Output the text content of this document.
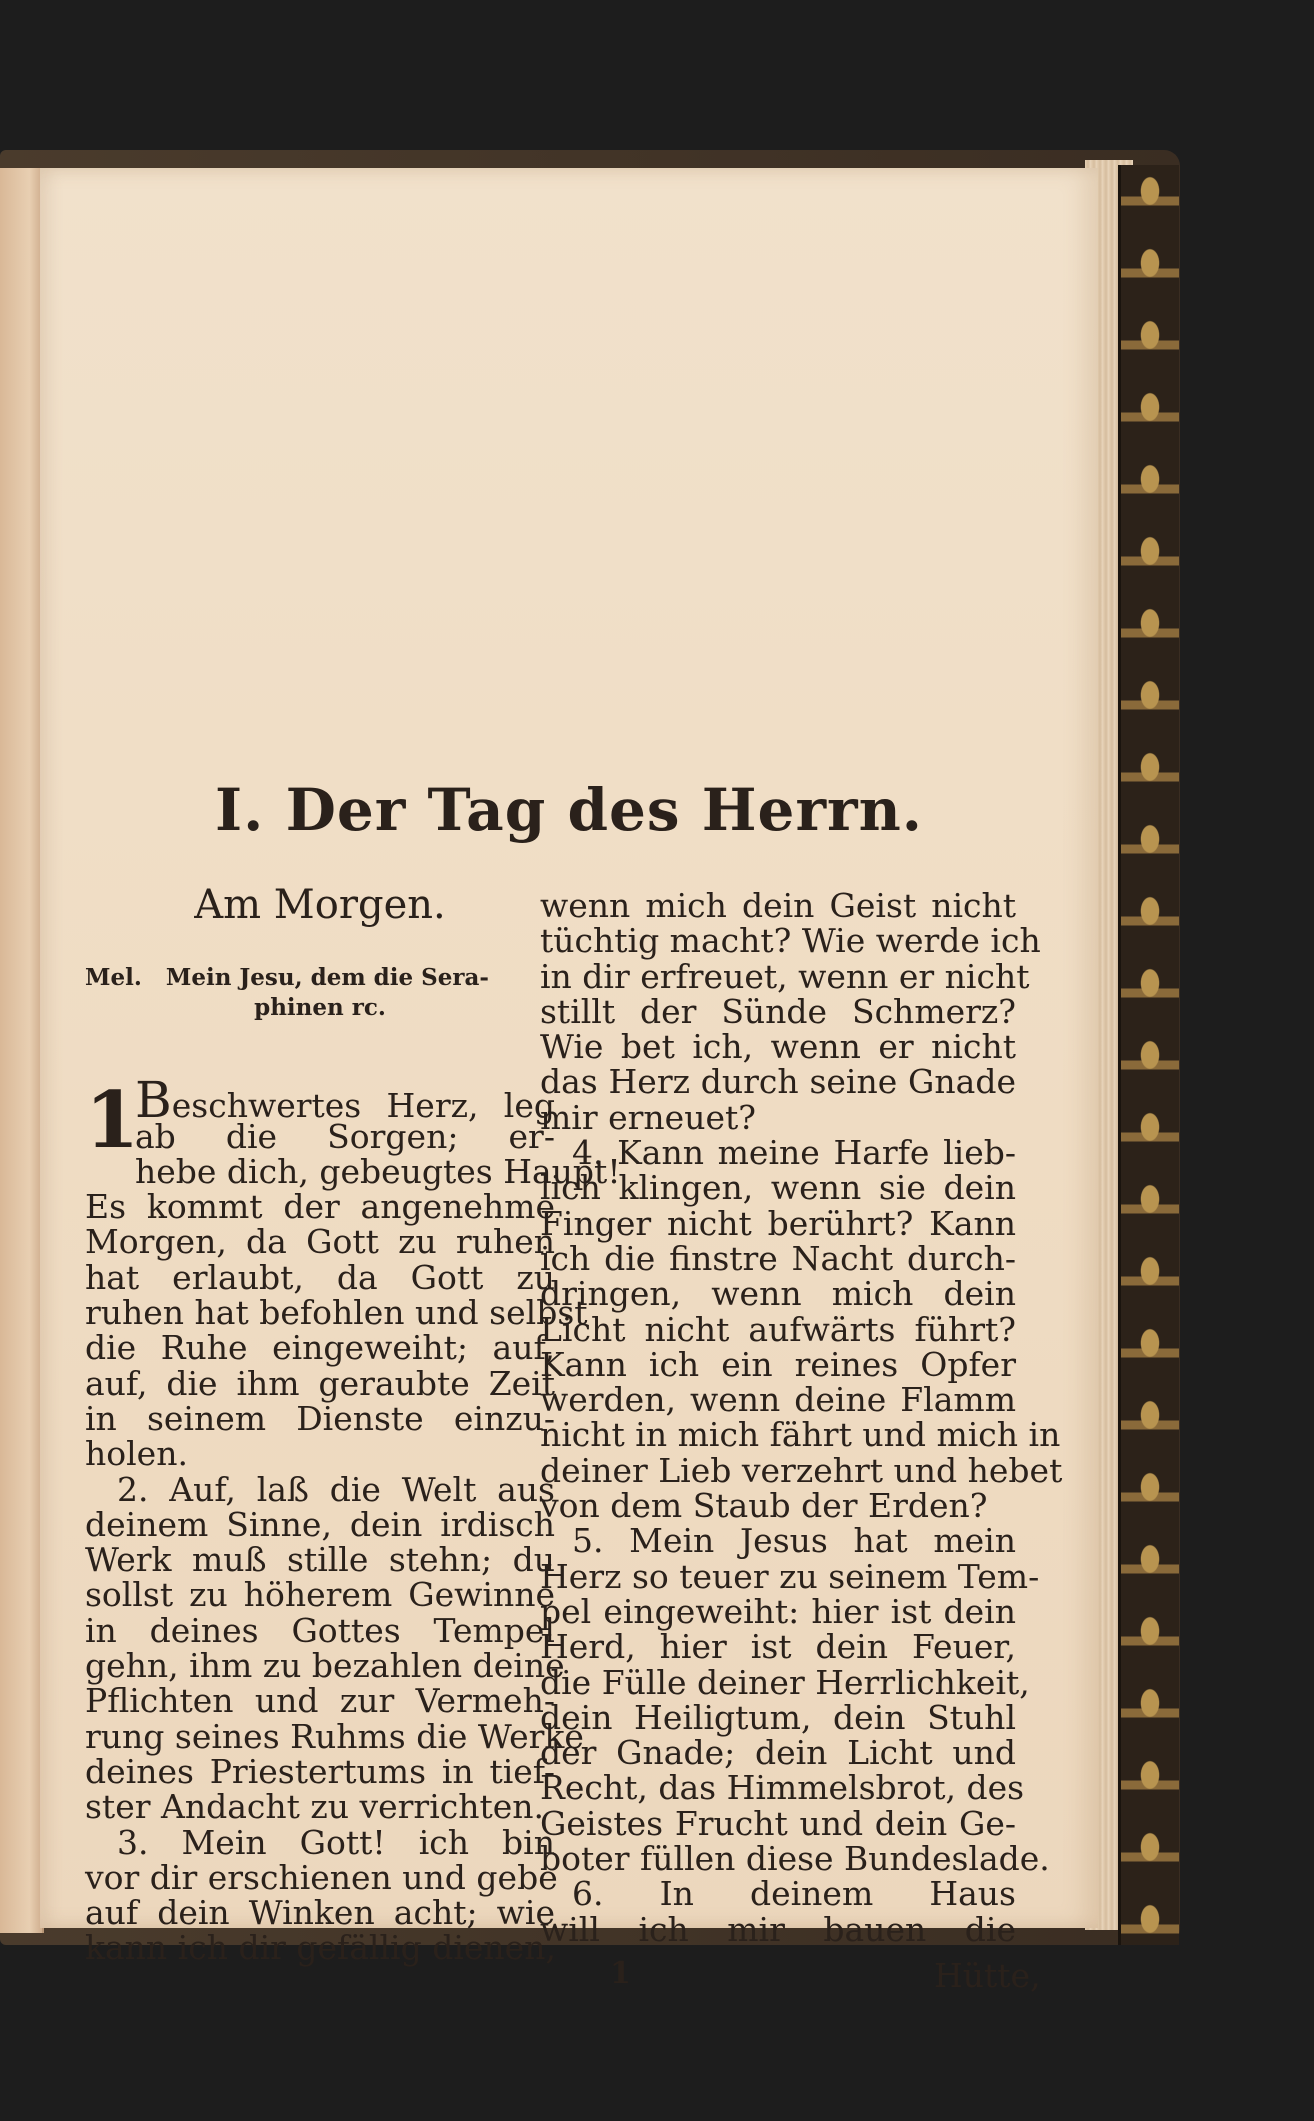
I. Der Tag des Herrn.
Am Morgen.
Mel. Mein Jesu, dem die Sera-
phinen rc.
1
Beschwertes Herz, leg
ab die Sorgen; er-
hebe dich, gebeugtes Haupt!
Es kommt der angenehme
Morgen, da Gott zu ruhen
hat erlaubt, da Gott zu
ruhen hat befohlen und selbst
die Ruhe eingeweiht; auf,
auf, die ihm geraubte Zeit
in seinem Dienste einzu-
holen.
2. Auf, laß die Welt aus
deinem Sinne, dein irdisch
Werk muß stille stehn; du
sollst zu höherem Gewinne
in deines Gottes Tempel
gehn, ihm zu bezahlen deine
Pflichten und zur Vermeh-
rung seines Ruhms die Werke
deines Priestertums in tief-
ster Andacht zu verrichten.
3. Mein Gott! ich bin
vor dir erschienen und gebe
auf dein Winken acht; wie
kann ich dir gefällig dienen,
wenn mich dein Geist nicht
tüchtig macht? Wie werde ich
in dir erfreuet, wenn er nicht
stillt der Sünde Schmerz?
Wie bet ich, wenn er nicht
das Herz durch seine Gnade
mir erneuet?
4. Kann meine Harfe lieb-
lich klingen, wenn sie dein
Finger nicht berührt? Kann
ich die finstre Nacht durch-
dringen, wenn mich dein
Licht nicht aufwärts führt?
Kann ich ein reines Opfer
werden, wenn deine Flamm
nicht in mich fährt und mich in
deiner Lieb verzehrt und hebet
von dem Staub der Erden?
5. Mein Jesus hat mein
Herz so teuer zu seinem Tem-
pel eingeweiht: hier ist dein
Herd, hier ist dein Feuer,
die Fülle deiner Herrlichkeit,
dein Heiligtum, dein Stuhl
der Gnade; dein Licht und
Recht, das Himmelsbrot, des
Geistes Frucht und dein Ge-
boter füllen diese Bundeslade.
6. In deinem Haus
will ich mir bauen die
1	Hütte,
